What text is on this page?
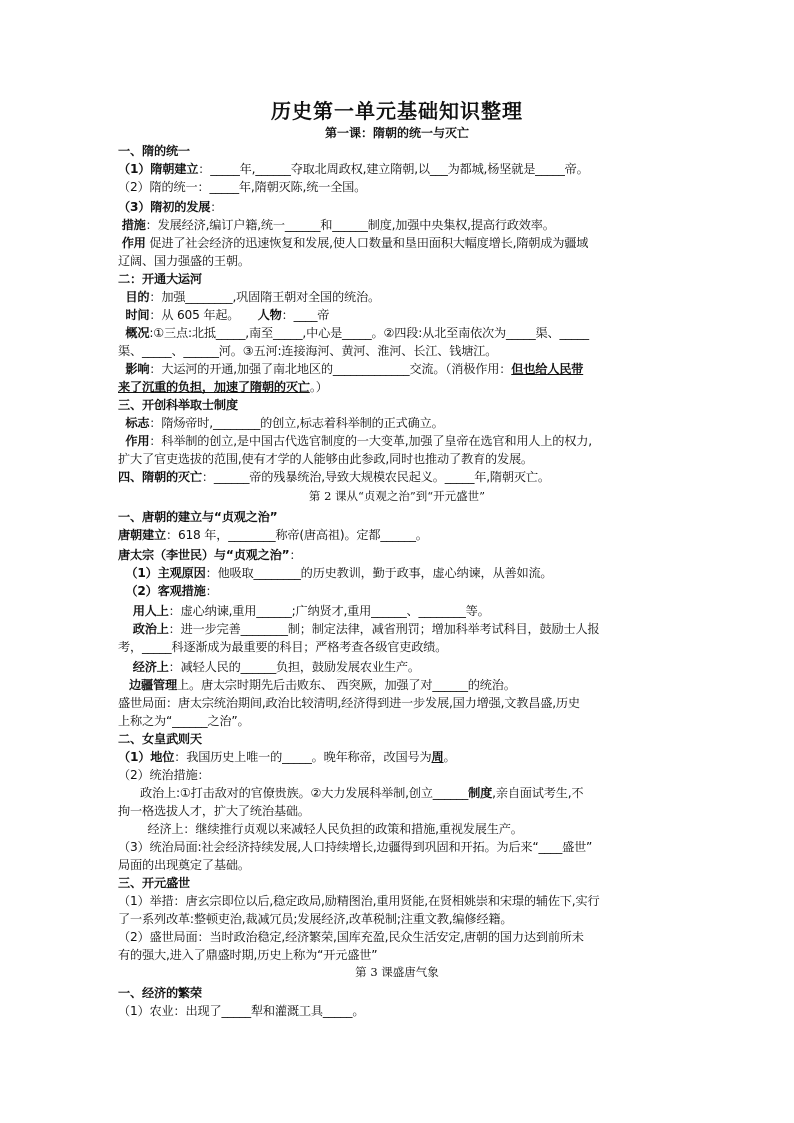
历史第一单元基础知识整理
第一课：隋朝的统一与灭亡
一、隋的统一
（1）隋朝建立：_____年,______夺取北周政权,建立隋朝,以___为都城,杨坚就是_____帝。
（2）隋的统一：_____年,隋朝灭陈,统一全国。
（3）隋初的发展：
措施：发展经济,编订户籍,统一______和______制度,加强中央集权,提高行政效率。
作用 促进了社会经济的迅速恢复和发展,使人口数量和垦田面积大幅度增长,隋朝成为疆域
辽阔、国力强盛的王朝。
二：开通大运河
目的：加强________,巩固隋王朝对全国的统治。
时间：从 605 年起。     人物：____帝
概况:①三点:北抵_____,南至_____,中心是_____。②四段:从北至南依次为_____渠、_____
渠、_____、______河。③五河:连接海河、黄河、淮河、长江、钱塘江。
影响：大运河的开通,加强了南北地区的_____________交流。（消极作用：但也给人民带
来了沉重的负担，加速了隋朝的灭亡。）
三、开创科举取士制度
标志：隋炀帝时,________的创立,标志着科举制的正式确立。
作用：科举制的创立,是中国古代选官制度的一大变革,加强了皇帝在选官和用人上的权力,
扩大了官吏选拔的范围,使有才学的人能够由此参政,同时也推动了教育的发展。
四、隋朝的灭亡：______帝的残暴统治,导致大规模农民起义。_____年,隋朝灭亡。
一、唐朝的建立与“贞观之治”
唐朝建立：618 年，________称帝(唐高祖)。定都______。
唐太宗（李世民）与“贞观之治”：
（1）主观原因：他吸取________的历史教训，勤于政事，虚心纳谏，从善如流。
（2）客观措施：
用人上：虚心纳谏,重用______;广纳贤才,重用______、________等。
政治上：进一步完善________制；制定法律，减省刑罚；增加科举考试科目，鼓励士人报
考，_____科逐渐成为最重要的科目；严格考查各级官吏政绩。
经济上：减轻人民的______负担，鼓励发展农业生产。
边疆管理上。唐太宗时期先后击败东、 西突厥，加强了对______的统治。
盛世局面：唐太宗统治期间,政治比较清明,经济得到进一步发展,国力增强,文教昌盛,历史
上称之为“______之治”。
二、女皇武则天
（1）地位：我国历史上唯一的_____。晚年称帝，改国号为周。
（2）统治措施：
政治上:①打击敌对的官僚贵族。②大力发展科举制,创立______制度,亲自面试考生,不
拘一格选拔人才，扩大了统治基础。
经济上：继续推行贞观以来减轻人民负担的政策和措施,重视发展生产。
（3）统治局面:社会经济持续发展,人口持续增长,边疆得到巩固和开拓。为后来“____盛世”
局面的出现奠定了基础。
三、开元盛世
（1）举措：唐玄宗即位以后,稳定政局,励精图治,重用贤能,在贤相姚崇和宋璟的辅佐下,实行
了一系列改革:整顿吏治,裁减冗员;发展经济,改革税制;注重文教,编修经籍。
（2）盛世局面：当时政治稳定,经济繁荣,国库充盈,民众生活安定,唐朝的国力达到前所未
有的强大,进入了鼎盛时期,历史上称为“开元盛世”
一、经济的繁荣
（1）农业：出现了_____犁和灌溉工具_____。
第 2 课从“贞观之治”到“开元盛世”
第 3 课盛唐气象
